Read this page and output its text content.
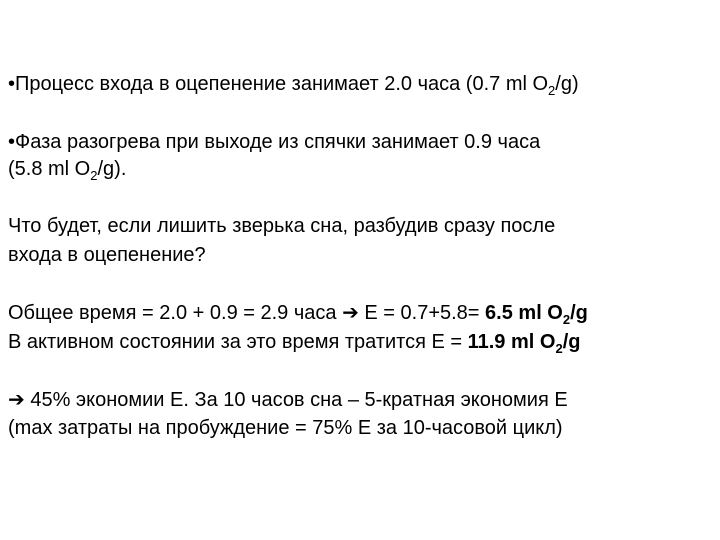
•Процесс входа в оцепенение занимает 2.0 часа (0.7 ml $O_2/g$)
•Фаза разогрева при выходе из спячки занимает 0.9 часа
(5.8 ml $O_2/g$).
Что будет, если лишить зверька сна, разбудив сразу после
входа в оцепенение?
Общее время = 2.0 + 0.9 = 2.9 часа ➔ E = 0.7+5.8= 6.5 ml $O_2/g$
В активном состоянии за это время тратится E = 11.9 ml $O_2/g$
➔ 45% экономии E. За 10 часов сна – 5-кратная экономия E
(max затраты на пробуждение = 75% E за 10-часовой цикл)
